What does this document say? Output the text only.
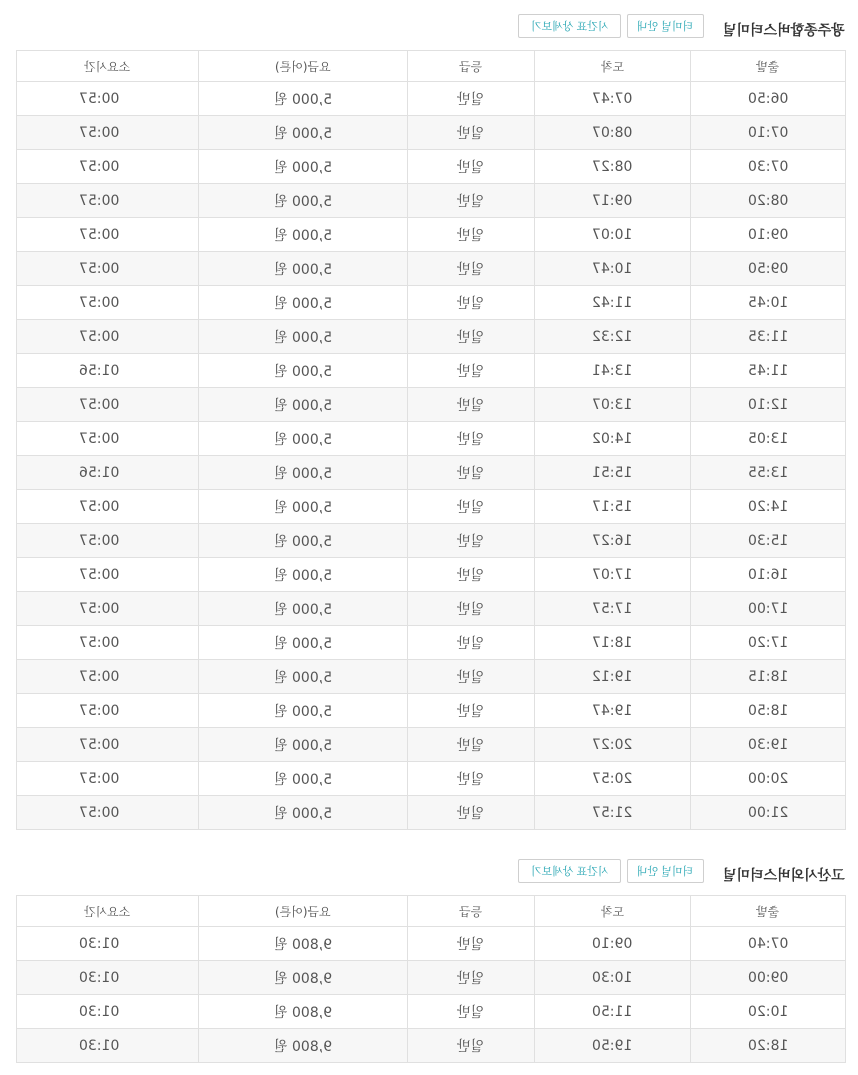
시간표 상세보기	터미널 안내	광주종합버스터미널
소요시간	요금(어른)	등급	도착	출발
00:57	5,000 원	일반	07:47	06:50
00:57	5,000 원	일반	08:07	07:10
00:57	5,000 원	일반	08:27	07:30
00:57	5,000 원	일반	09:17	08:20
00:57	5,000 원	일반	10:07	09:10
00:57	5,000 원	일반	10:47	09:50
00:57	5,000 원	일반	11:42	10:45
00:57	5,000 원	일반	12:32	11:35
01:56	5,000 원	일반	13:41	11:45
00:57	5,000 원	일반	13:07	12:10
00:57	5,000 원	일반	14:02	13:05
01:56	5,000 원	일반	15:51	13:55
00:57	5,000 원	일반	15:17	14:20
00:57	5,000 원	일반	16:27	15:30
00:57	5,000 원	일반	17:07	16:10
00:57	5,000 원	일반	17:57	17:00
00:57	5,000 원	일반	18:17	17:20
00:57	5,000 원	일반	19:12	18:15
00:57	5,000 원	일반	19:47	18:50
00:57	5,000 원	일반	20:27	19:30
00:57	5,000 원	일반	20:57	20:00
00:57	5,000 원	일반	21:57	21:00
시간표 상세보기	터미널 안내	고산시외버스터미널
소요시간	요금(어른)	등급	도착	출발
01:30	9,800 원	일반	09:10	07:40
01:30	9,800 원	일반	10:30	09:00
01:30	9,800 원	일반	11:50	10:20
01:30	9,800 원	일반	19:50	18:20
